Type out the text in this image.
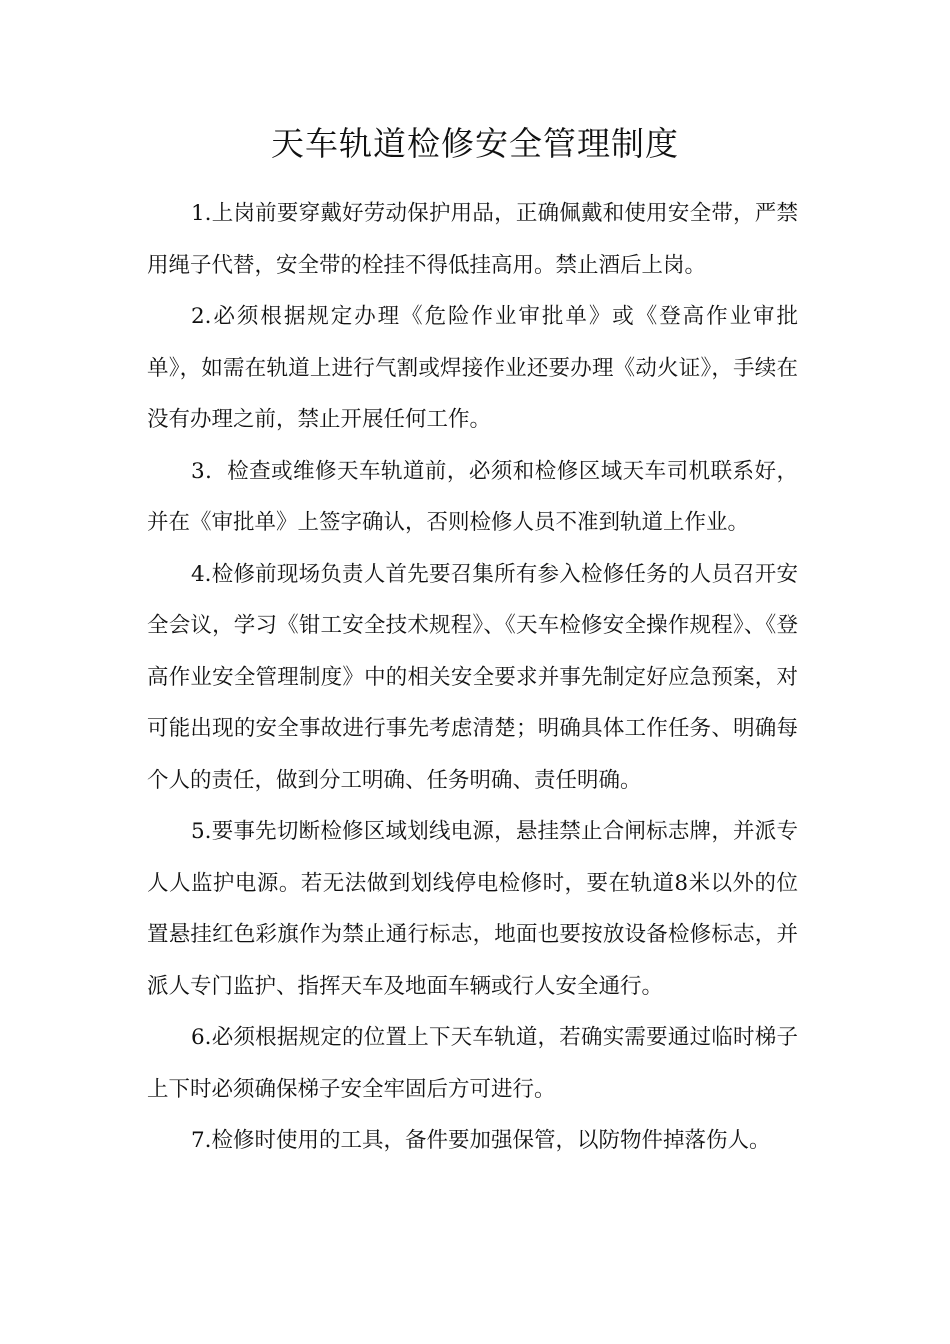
天车轨道检修安全管理制度

1.上岗前要穿戴好劳动保护用品，正确佩戴和使用安全带，严禁用绳子代替，安全带的栓挂不得低挂高用。禁止酒后上岗。

2.必须根据规定办理《危险作业审批单》或《登高作业审批单》，如需在轨道上进行气割或焊接作业还要办理《动火证》，手续在没有办理之前，禁止开展任何工作。

3．检查或维修天车轨道前，必须和检修区域天车司机联系好，并在《审批单》上签字确认，否则检修人员不准到轨道上作业。

4.检修前现场负责人首先要召集所有参入检修任务的人员召开安全会议，学习《钳工安全技术规程》、《天车检修安全操作规程》、《登高作业安全管理制度》中的相关安全要求并事先制定好应急预案，对可能出现的安全事故进行事先考虑清楚；明确具体工作任务、明确每个人的责任，做到分工明确、任务明确、责任明确。

5.要事先切断检修区域划线电源，悬挂禁止合闸标志牌，并派专人人监护电源。若无法做到划线停电检修时，要在轨道8米以外的位置悬挂红色彩旗作为禁止通行标志，地面也要按放设备检修标志，并派人专门监护、指挥天车及地面车辆或行人安全通行。

6.必须根据规定的位置上下天车轨道，若确实需要通过临时梯子上下时必须确保梯子安全牢固后方可进行。

7.检修时使用的工具，备件要加强保管，以防物件掉落伤人。
